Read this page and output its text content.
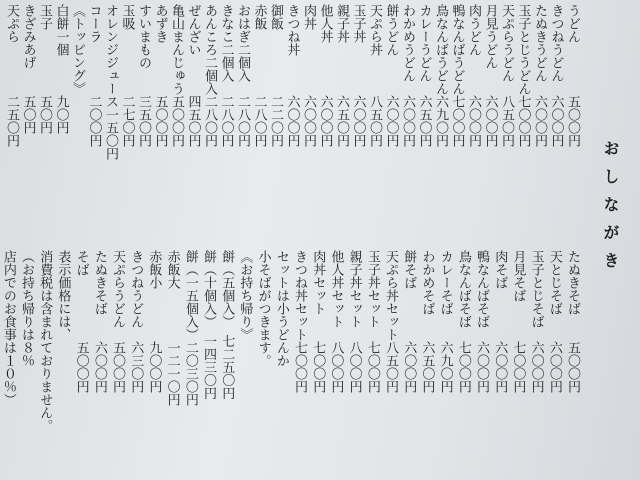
おしながき
うどん　　　　五〇〇円
きつねうどん　六〇〇円
たぬきうどん　六〇〇円
玉子とじうどん七〇〇円
天ぷらうどん　八五〇円
月見うどん　　六〇〇円
肉うどん　　　六〇〇円
鴨なんばうどん七〇〇円
鳥なんばうどん六九〇円
カレーうどん　六五〇円
わかめうどん　六〇〇円
餅うどん　　　六〇〇円
天ぷら丼　　　八五〇円
玉子丼　　　　六〇〇円
親子丼　　　　六五〇円
他人丼　　　　六〇〇円
肉丼　　　　　六〇〇円
きつね丼　　　六〇〇円
御飯　　　　　二二〇円
赤飯　　　　　二八〇円
おはぎ二個入　二八〇円
きなこ二個入　二八〇円
あんころ二個入二八〇円
ぜんざい　　　四五〇円
亀山まんじゅう五〇〇円
あずき　　　　五〇〇円
すいまもの　　三五〇円
玉吸　　　　　二七〇円
オレンジジュース一五〇円
コーラ　　　　二〇〇円
《トッピング》
白餅一個　　　九〇円
玉子　　　　　五〇円
きざみあげ　　五〇円
天ぷら　　　　二五〇円
たぬきそば　　五〇〇円
天とじそば　　六〇〇円
玉子とじそば　六〇〇円
月見そば　　　七〇〇円
肉そば　　　　六〇〇円
鴨なんばそば　六〇〇円
鳥なんばそば　七〇〇円
カレーそば　　六九〇円
わかめそば　　六五〇円
餅そば　　　　六〇〇円
天ぷら丼セット八五〇円
玉子丼セット　七〇〇円
親子丼セット　八〇〇円
他人丼セット　八〇〇円
肉丼セット　　七〇〇円
きつね丼セット七〇〇円
セットは小うどんか
小そばがつきます。
《お持ち帰り》
餅（五個入）　七二五〇円
餅（十個入）　一四三〇円
餅（一五個入）二〇三〇円
赤飯大　　　　一二一〇円
赤飯小　　　　九〇〇円
きつねうどん　六三〇円
天ぷらうどん　五〇〇円
たぬきそば　　六〇〇円
そば　　　　　五〇〇円
表示価格には、
消費税は含まれておりません。
（お持ち帰りは８％
店内でのお食事は１０％）
